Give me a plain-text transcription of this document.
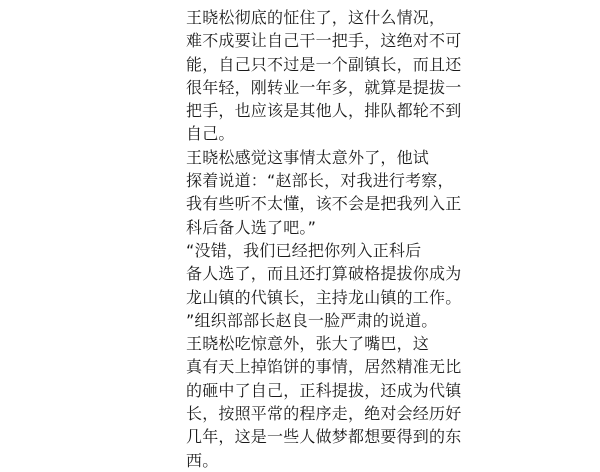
王晓松彻底的怔住了，这什么情况，
难不成要让自己干一把手，这绝对不可
能，自己只不过是一个副镇长，而且还
很年轻，刚转业一年多，就算是提拔一
把手，也应该是其他人，排队都轮不到
自己。
王晓松感觉这事情太意外了，他试
探着说道：“赵部长，对我进行考察，
我有些听不太懂，该不会是把我列入正
科后备人选了吧。”
“没错，我们已经把你列入正科后
备人选了，而且还打算破格提拔你成为
龙山镇的代镇长，主持龙山镇的工作。
”组织部部长赵良一脸严肃的说道。
王晓松吃惊意外，张大了嘴巴，这
真有天上掉馅饼的事情，居然精准无比
的砸中了自己，正科提拔，还成为代镇
长，按照平常的程序走，绝对会经历好
几年，这是一些人做梦都想要得到的东
西。
